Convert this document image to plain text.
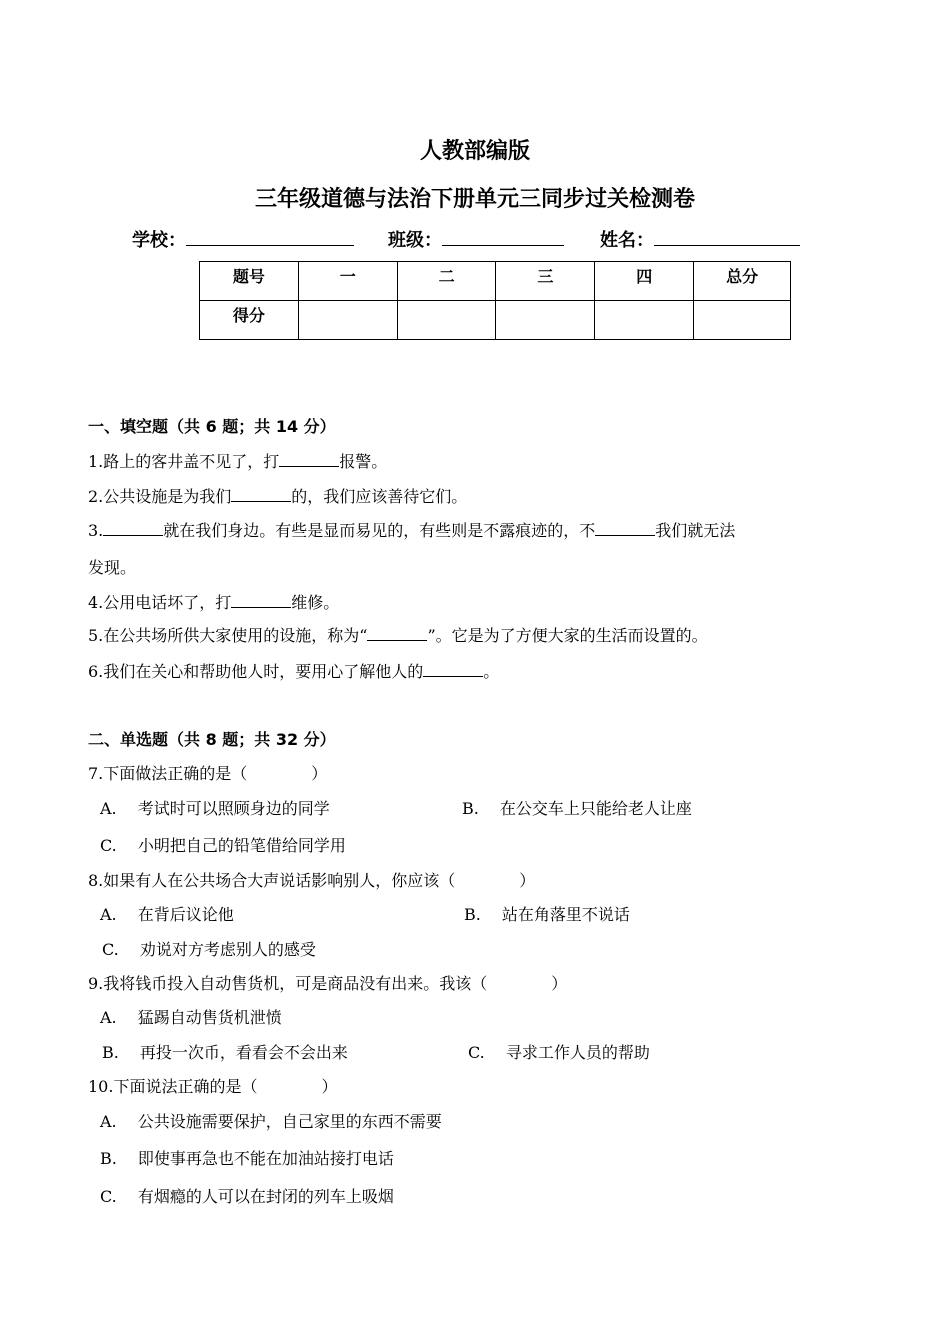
人教部编版
三年级道德与法治下册单元三同步过关检测卷
学校：	班级：	姓名：
题号	一	二	三	四	总分
得分					
一、填空题（共 6 题；共 14 分）
1.路上的客井盖不见了，打	报警。
2.公共设施是为我们	的，我们应该善待它们。
3.	就在我们身边。有些是显而易见的，有些则是不露痕迹的，不	我们就无法
发现。
4.公用电话坏了，打	维修。
5.在公共场所供大家使用的设施，称为“	”。它是为了方便大家的生活而设置的。
6.我们在关心和帮助他人时，要用心了解他人的	。
二、单选题（共 8 题；共 32 分）
7.下面做法正确的是（　　　　）
A.　 考试时可以照顾身边的同学	B.　 在公交车上只能给老人让座
C.　 小明把自己的铅笔借给同学用
8.如果有人在公共场合大声说话影响别人，你应该（　　　　）
A.　 在背后议论他	B.　 站在角落里不说话
C.　 劝说对方考虑别人的感受
9.我将钱币投入自动售货机，可是商品没有出来。我该（　　　　）
A.　 猛踢自动售货机泄愤
B.　 再投一次币，看看会不会出来	C.　 寻求工作人员的帮助
10.下面说法正确的是（　　　　）
A.　 公共设施需要保护，自己家里的东西不需要
B.　 即使事再急也不能在加油站接打电话
C.　 有烟瘾的人可以在封闭的列车上吸烟
